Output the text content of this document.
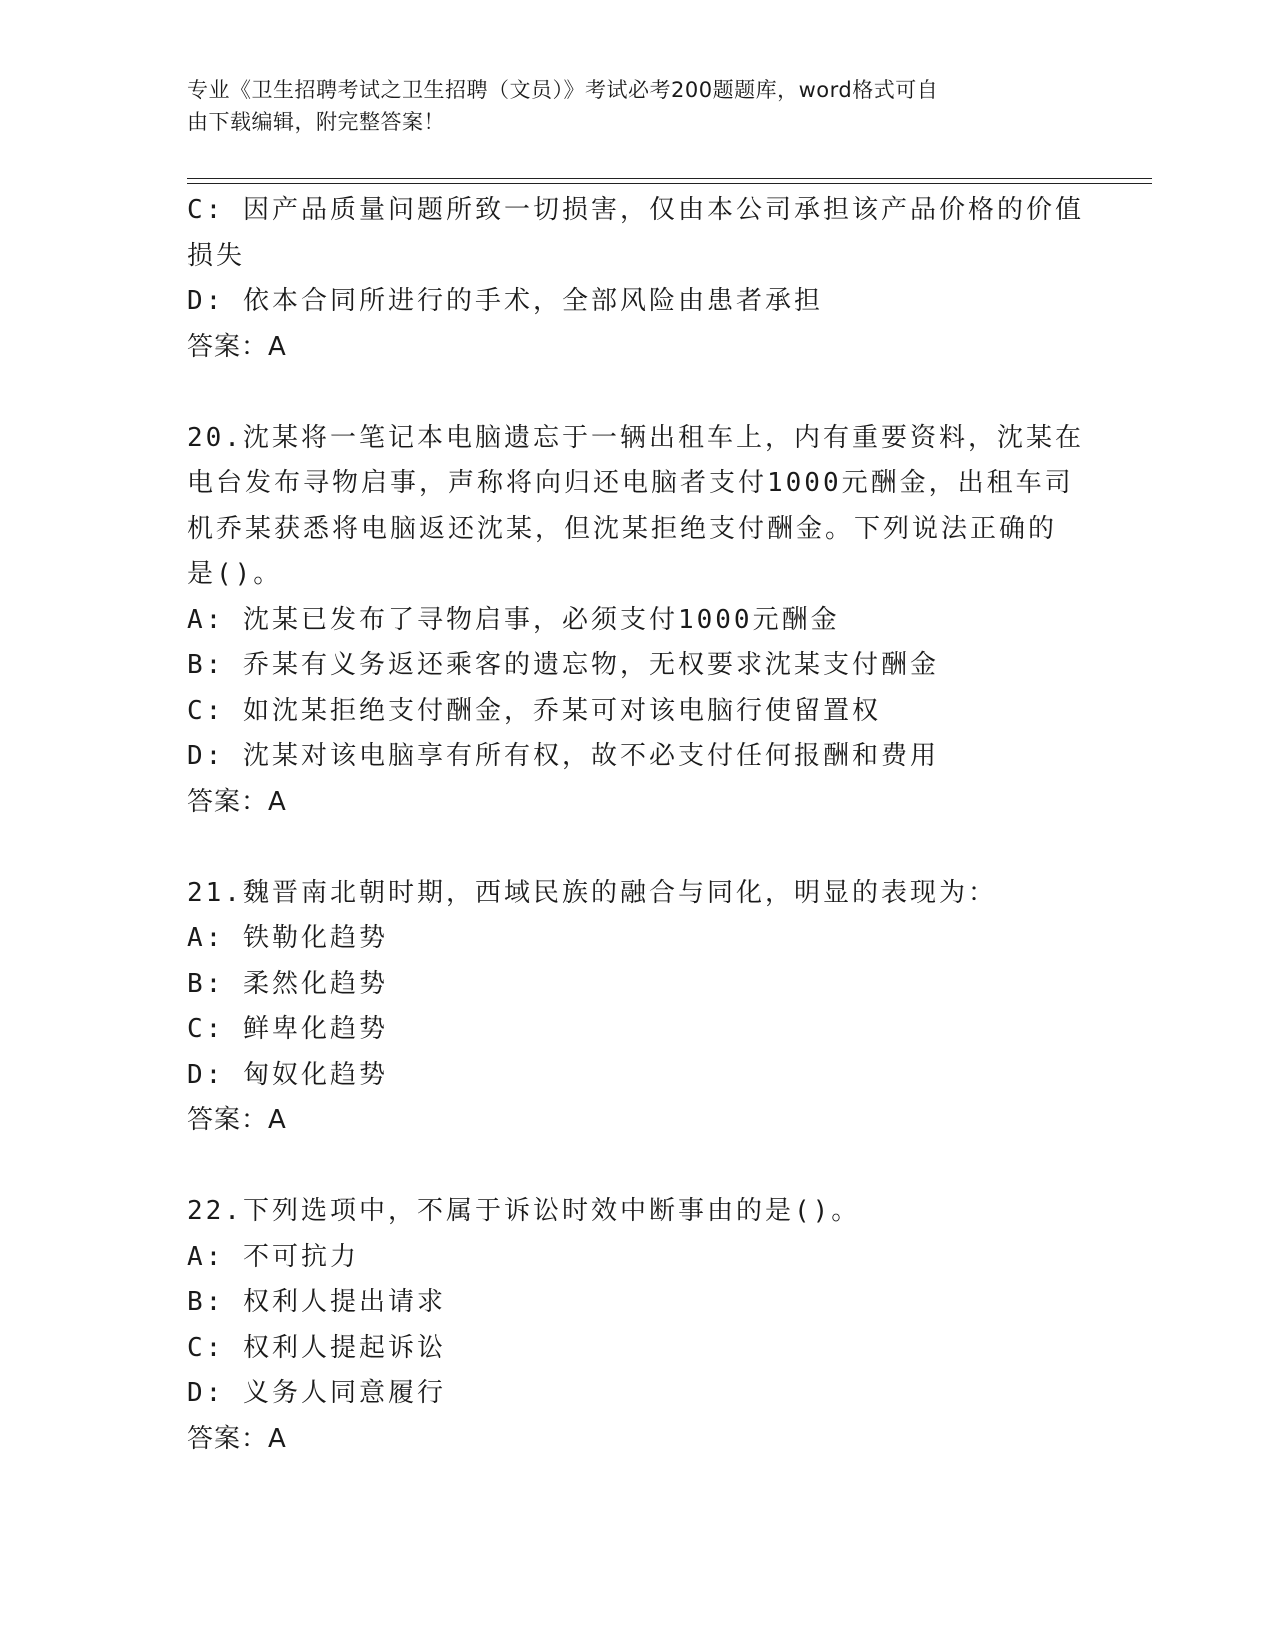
专业《卫生招聘考试之卫生招聘（文员）》考试必考200题题库，word格式可自
由下载编辑，附完整答案！
C: 因产品质量问题所致一切损害，仅由本公司承担该产品价格的价值
损失
D: 依本合同所进行的手术，全部风险由患者承担
答案：A
20.沈某将一笔记本电脑遗忘于一辆出租车上，内有重要资料，沈某在
电台发布寻物启事，声称将向归还电脑者支付1000元酬金，出租车司
机乔某获悉将电脑返还沈某，但沈某拒绝支付酬金。下列说法正确的
是()。
A: 沈某已发布了寻物启事，必须支付1000元酬金
B: 乔某有义务返还乘客的遗忘物，无权要求沈某支付酬金
C: 如沈某拒绝支付酬金，乔某可对该电脑行使留置权
D: 沈某对该电脑享有所有权，故不必支付任何报酬和费用
答案：A
21.魏晋南北朝时期，西域民族的融合与同化，明显的表现为：
A: 铁勒化趋势
B: 柔然化趋势
C: 鲜卑化趋势
D: 匈奴化趋势
答案：A
22.下列选项中，不属于诉讼时效中断事由的是()。
A: 不可抗力
B: 权利人提出请求
C: 权利人提起诉讼
D: 义务人同意履行
答案：A
